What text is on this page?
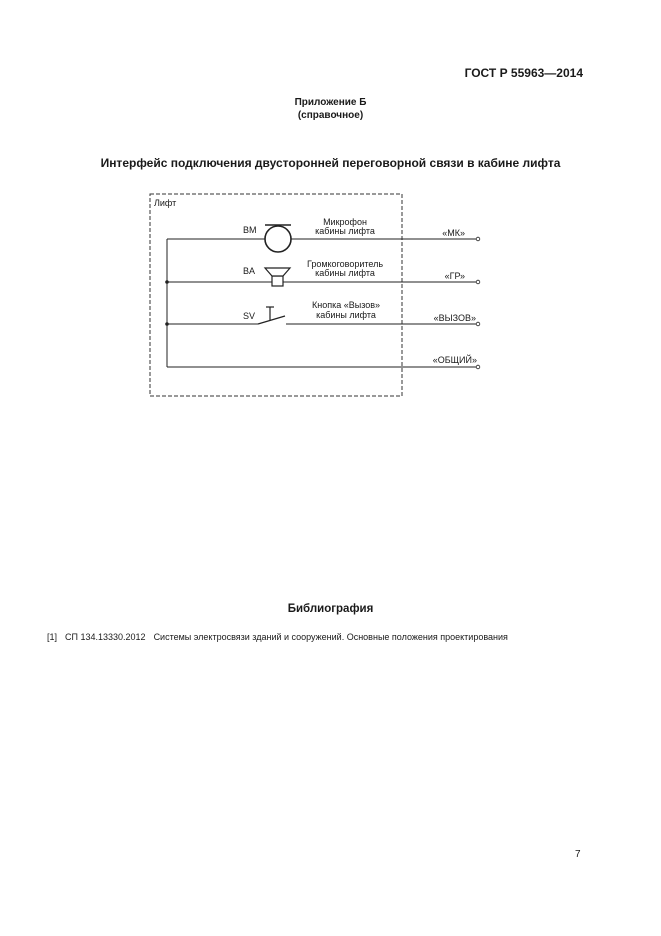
ГОСТ Р 55963—2014
Приложение Б
(справочное)
Интерфейс подключения двусторонней переговорной связи в кабине лифта
Лифт
BM
Микрофон
кабины лифта	«МК»
BA
Громкоговоритель
кабины лифта	«ГР»
SV
Кнопка «Вызов»
кабины лифта	«ВЫЗОВ»
«ОБЩИЙ»
Библиография
[1] СП 134.13330.2012 Системы электросвязи зданий и сооружений. Основные положения проектирования
7
